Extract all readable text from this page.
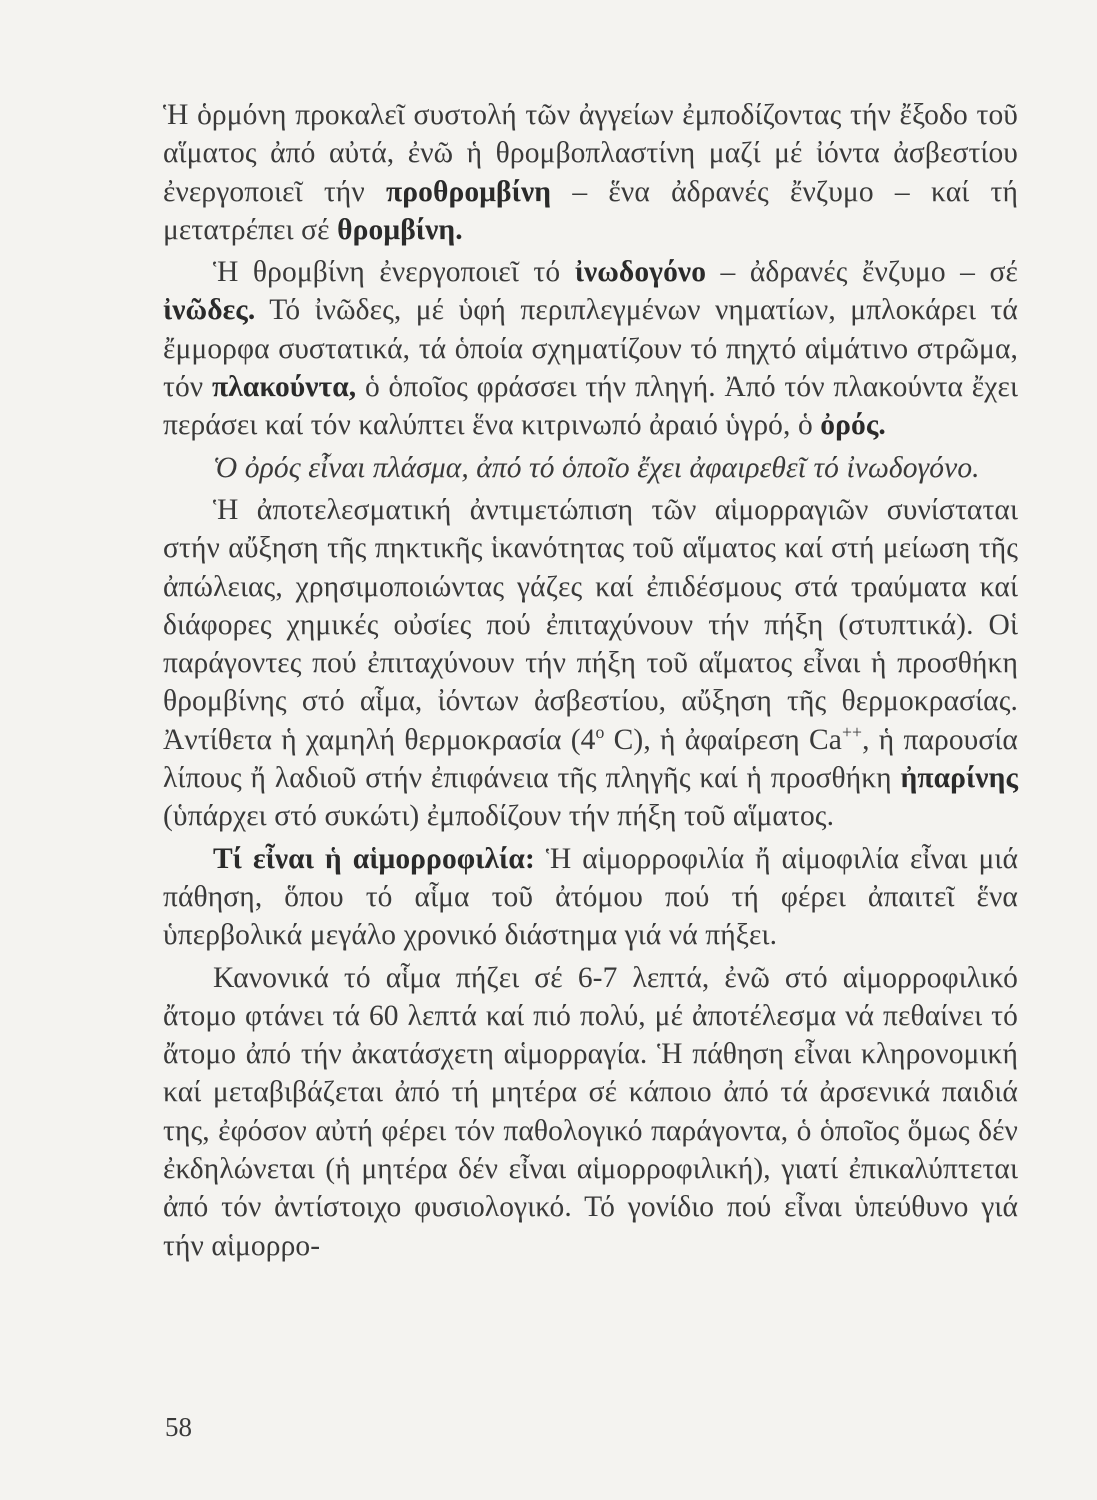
Ἡ ὁρμόνη προκαλεῖ συστολή τῶν ἀγγείων ἐμποδίζοντας τήν ἔξοδο τοῦ αἵματος ἀπό αὐτά, ἐνῶ ἡ θρομβοπλαστίνη μαζί μέ ἰόντα ἀσβεστίου ἐνεργοποιεῖ τήν προθρομβίνη – ἕνα ἀδρανές ἔνζυμο – καί τή μετατρέπει σέ θρομβίνη.

Ἡ θρομβίνη ἐνεργοποιεῖ τό ἰνωδογόνο – ἀδρανές ἔνζυμο – σέ ἰνῶδες. Τό ἰνῶδες, μέ ὑφή περιπλεγμένων νηματίων, μπλοκάρει τά ἔμμορφα συστατικά, τά ὁποία σχηματίζουν τό πηχτό αἱμάτινο στρῶμα, τόν πλακούντα, ὁ ὁποῖος φράσσει τήν πληγή. Ἀπό τόν πλακούντα ἔχει περάσει καί τόν καλύπτει ἕνα κιτρινωπό ἀραιό ὑγρό, ὁ ὀρός.

Ὁ ὀρός εἶναι πλάσμα, ἀπό τό ὁποῖο ἔχει ἀφαιρεθεῖ τό ἰνωδογόνο.

Ἡ ἀποτελεσματική ἀντιμετώπιση τῶν αἱμορραγιῶν συνίσταται στήν αὔξηση τῆς πηκτικῆς ἱκανότητας τοῦ αἵματος καί στή μείωση τῆς ἀπώλειας, χρησιμοποιώντας γάζες καί ἐπιδέσμους στά τραύματα καί διάφορες χημικές οὐσίες πού ἐπιταχύνουν τήν πήξη (στυπτικά). Οἱ παράγοντες πού ἐπιταχύνουν τήν πήξη τοῦ αἵματος εἶναι ἡ προσθήκη θρομβίνης στό αἷμα, ἰόντων ἀσβεστίου, αὔξηση τῆς θερμοκρασίας. Ἀντίθετα ἡ χαμηλή θερμοκρασία ($4^o$ C), ἡ ἀφαίρεση Ca++, ἡ παρουσία λίπους ἤ λαδιοῦ στήν ἐπιφάνεια τῆς πληγῆς καί ἡ προσθήκη ἠπαρίνης (ὑπάρχει στό συκώτι) ἐμποδίζουν τήν πήξη τοῦ αἵματος.

Τί εἶναι ἡ αἱμορροφιλία: Ἡ αἱμορροφιλία ἤ αἱμοφιλία εἶναι μιά πάθηση, ὅπου τό αἷμα τοῦ ἀτόμου πού τή φέρει ἀπαιτεῖ ἕνα ὑπερβολικά μεγάλο χρονικό διάστημα γιά νά πήξει.

Κανονικά τό αἷμα πήζει σέ 6-7 λεπτά, ἐνῶ στό αἱμορροφιλικό ἄτομο φτάνει τά 60 λεπτά καί πιό πολύ, μέ ἀποτέλεσμα νά πεθαίνει τό ἄτομο ἀπό τήν ἀκατάσχετη αἱμορραγία. Ἡ πάθηση εἶναι κληρονομική καί μεταβιβάζεται ἀπό τή μητέρα σέ κάποιο ἀπό τά ἀρσενικά παιδιά της, ἐφόσον αὐτή φέρει τόν παθολογικό παράγοντα, ὁ ὁποῖος ὅμως δέν ἐκδηλώνεται (ἡ μητέρα δέν εἶναι αἱμορροφιλική), γιατί ἐπικαλύπτεται ἀπό τόν ἀντίστοιχο φυσιολογικό. Τό γονίδιο πού εἶναι ὑπεύθυνο γιά τήν αἱμορρο-

58
